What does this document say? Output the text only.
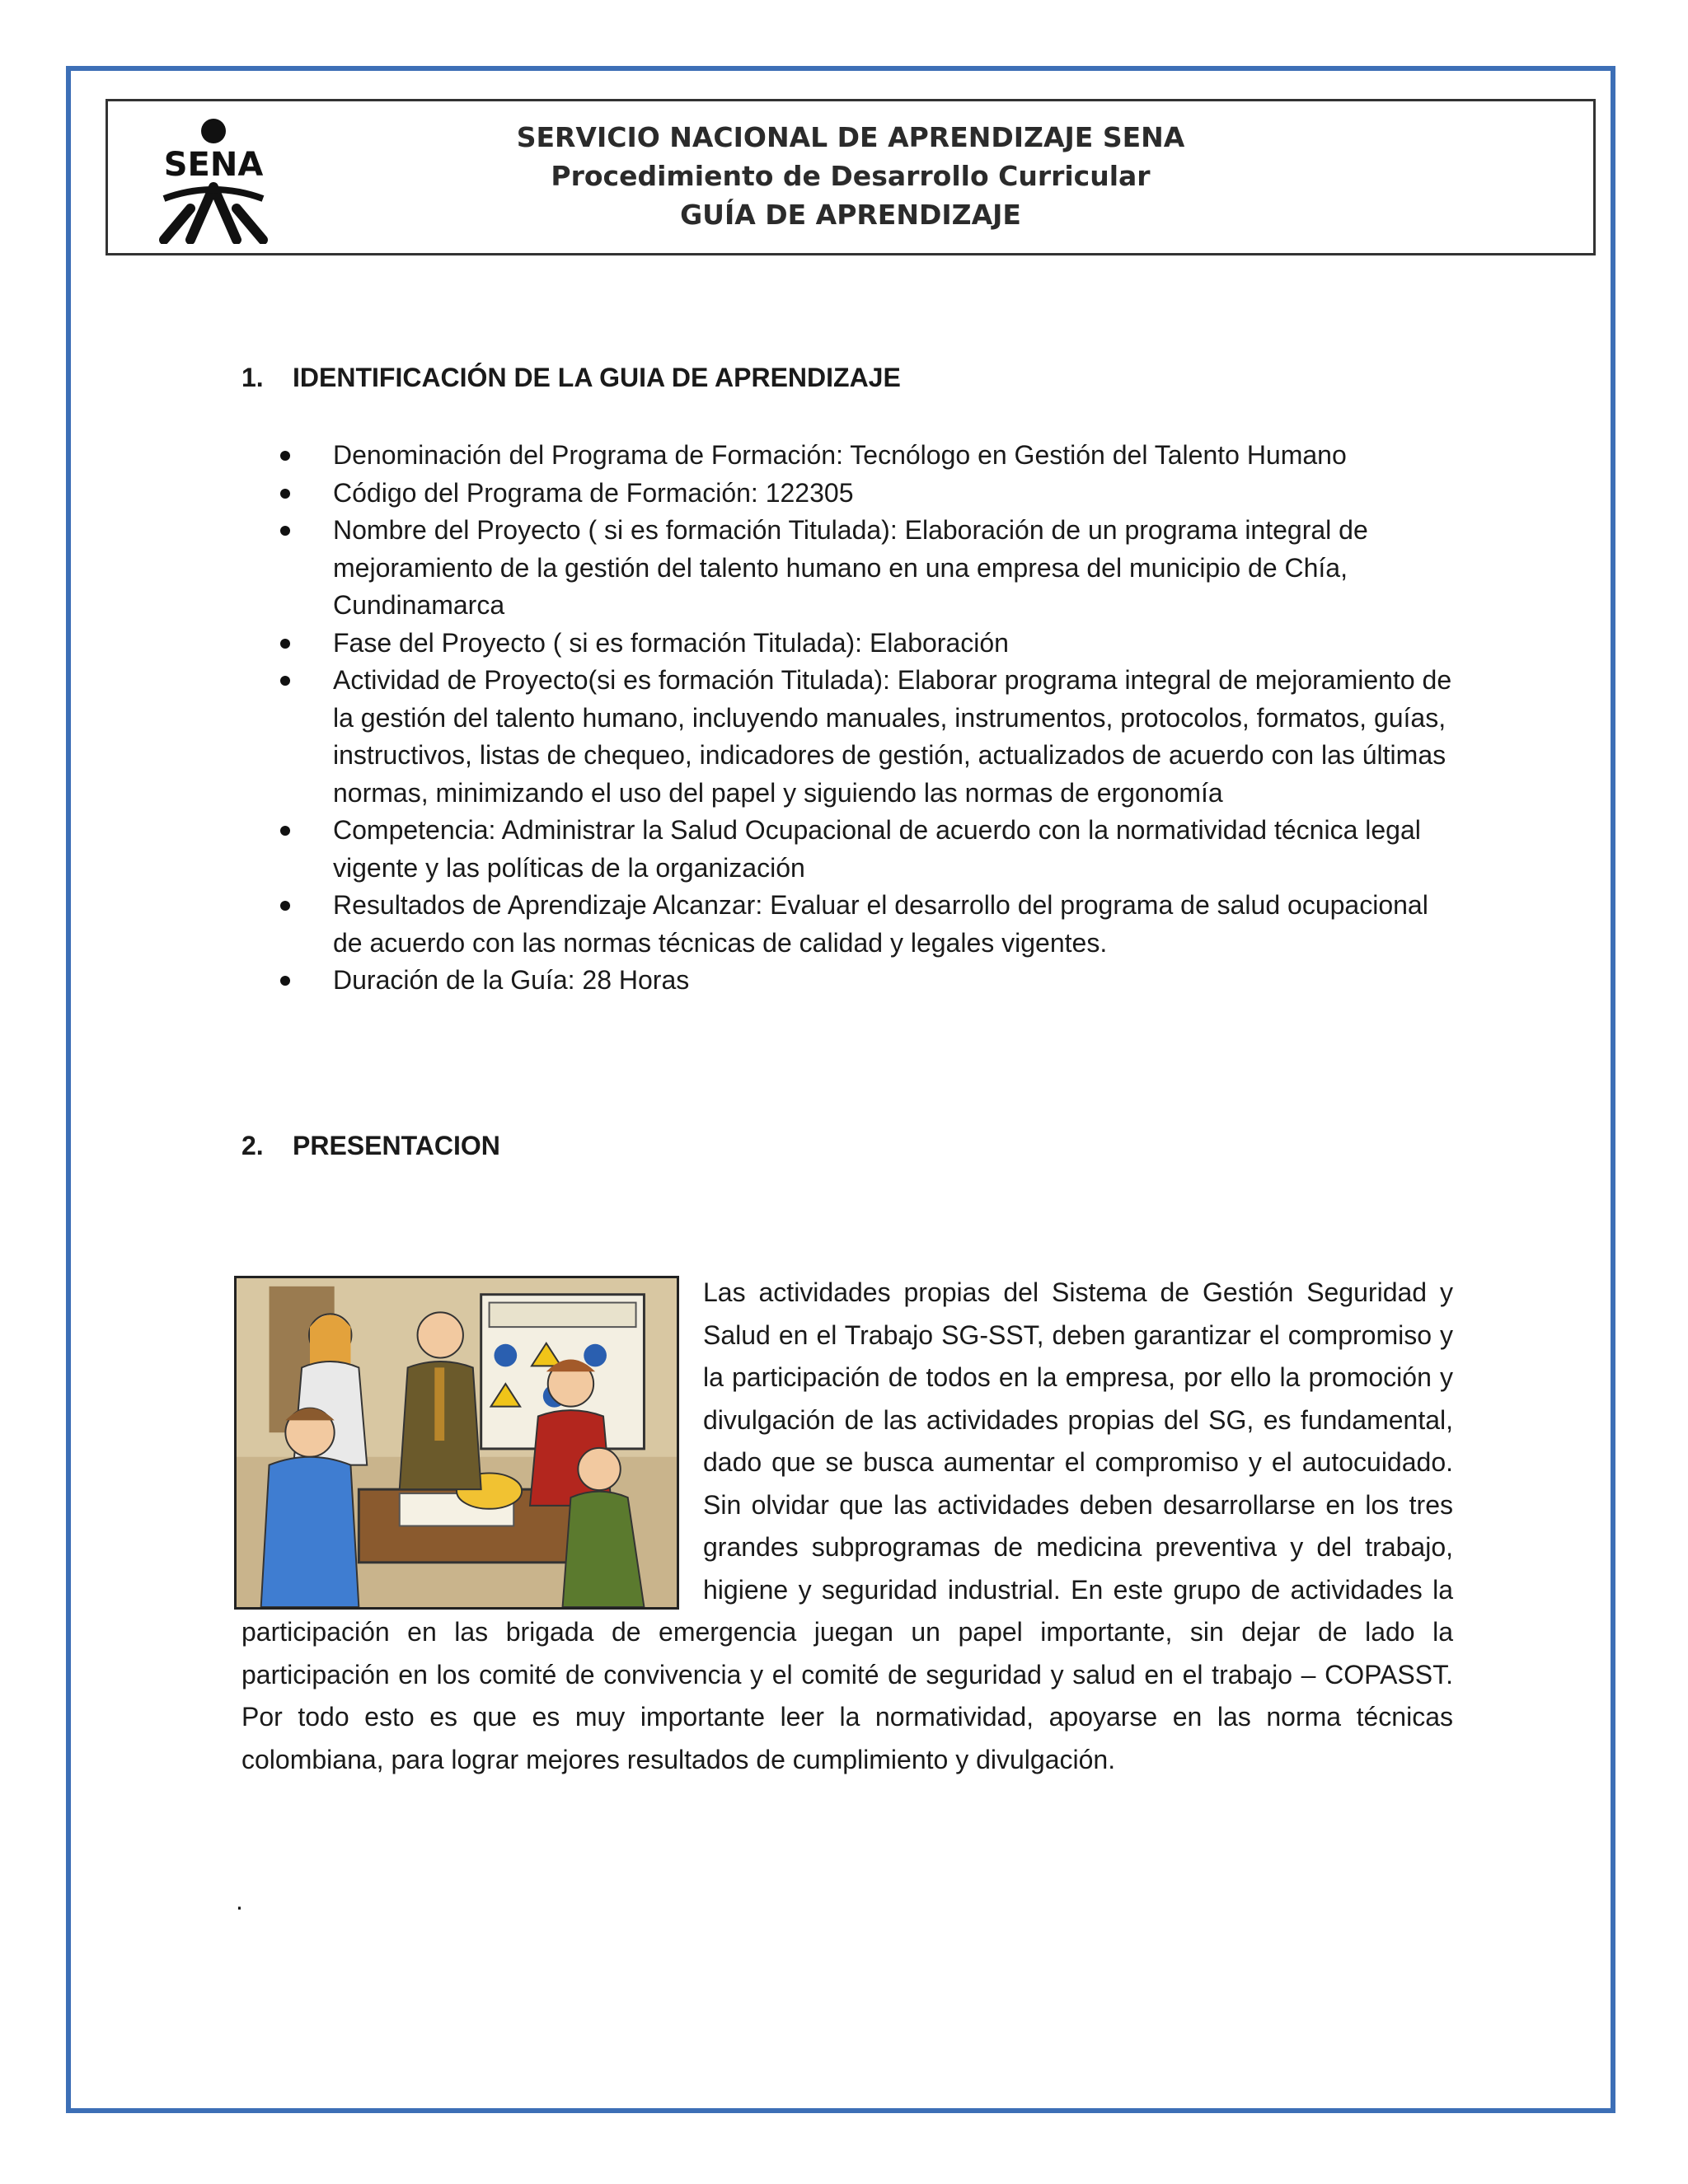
SENA
SERVICIO NACIONAL DE APRENDIZAJE SENA
Procedimiento de Desarrollo Curricular
GUÍA DE APRENDIZAJE
1.	IDENTIFICACIÓN DE LA GUIA DE APRENDIZAJE
Denominación del Programa de Formación: Tecnólogo en Gestión del Talento Humano
Código del Programa de Formación: 122305
Nombre del Proyecto ( si es formación Titulada): Elaboración de un programa integral de mejoramiento de la gestión del talento humano en una empresa del municipio de Chía, Cundinamarca
Fase del Proyecto ( si es formación Titulada): Elaboración
Actividad de Proyecto(si es formación Titulada): Elaborar programa integral de mejoramiento de la gestión del talento humano, incluyendo manuales, instrumentos, protocolos, formatos, guías, instructivos, listas de chequeo, indicadores de gestión, actualizados de acuerdo con las últimas normas, minimizando el uso del papel y siguiendo las normas de ergonomía
Competencia: Administrar la Salud Ocupacional de acuerdo con la normatividad técnica legal vigente y las políticas de la organización
Resultados de Aprendizaje Alcanzar: Evaluar el desarrollo del programa de salud ocupacional de acuerdo con las normas técnicas de calidad y legales vigentes.
Duración de la Guía: 28 Horas
2.	PRESENTACION

Las actividades propias del Sistema de Gestión Seguridad y Salud en el Trabajo SG-SST, deben garantizar el compromiso y la participación de todos en la empresa, por ello la promoción y divulgación de las actividades propias del SG, es fundamental, dado que se busca aumentar el compromiso y el autocuidado. Sin olvidar que las actividades deben desarrollarse en los tres grandes subprogramas de medicina preventiva y del trabajo, higiene y seguridad industrial. En este grupo de actividades la participación en las brigada de emergencia juegan un papel importante, sin dejar de lado la participación en los comité de convivencia y el comité de seguridad y salud en el trabajo – COPASST. Por todo esto es que es muy importante leer la normatividad, apoyarse en las norma técnicas colombiana, para lograr mejores resultados de cumplimiento y divulgación.

.
